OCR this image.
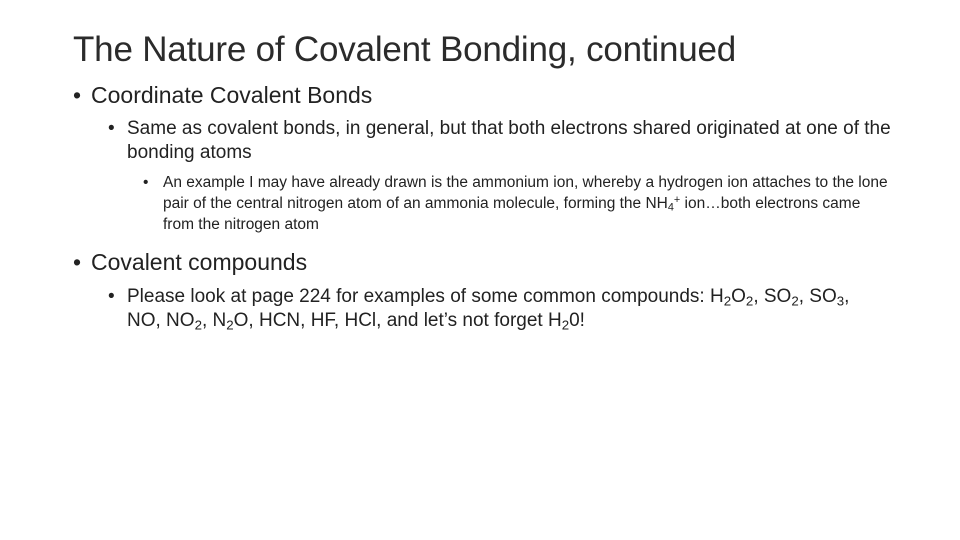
The Nature of Covalent Bonding, continued
• Coordinate Covalent Bonds
• Same as covalent bonds, in general, but that both electrons shared originated at one of the bonding atoms
• An example I may have already drawn is the ammonium ion, whereby a hydrogen ion attaches to the lone pair of the central nitrogen atom of an ammonia molecule, forming the $NH_4^+$ ion…both electrons came from the nitrogen atom
• Covalent compounds
• Please look at page 224 for examples of some common compounds: $H_2O_2$, $SO_2$, $SO_3$, NO, $NO_2$, $N_2O$, HCN, HF, HCl, and let’s not forget $H_20$!
